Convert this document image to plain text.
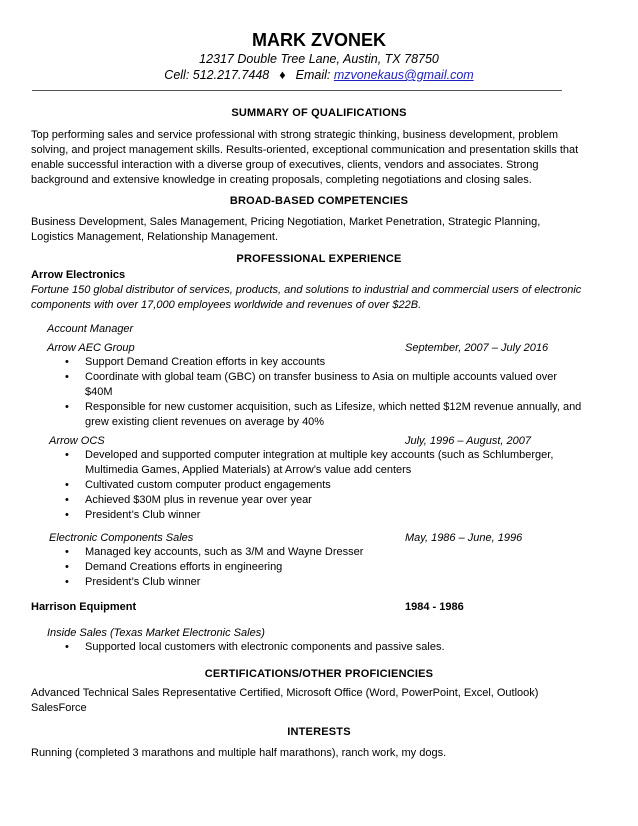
MARK ZVONEK
12317 Double Tree Lane, Austin, TX 78750
Cell: 512.217.7448 ♦ Email: mzvonekaus@gmail.com
SUMMARY OF QUALIFICATIONS
Top performing sales and service professional with strong strategic thinking, business development, problem
solving, and project management skills. Results-oriented, exceptional communication and presentation skills that
enable successful interaction with a diverse group of executives, clients, vendors and associates. Strong
background and extensive knowledge in creating proposals, completing negotiations and closing sales.
BROAD-BASED COMPETENCIES
Business Development, Sales Management, Pricing Negotiation, Market Penetration, Strategic Planning,
Logistics Management, Relationship Management.
PROFESSIONAL EXPERIENCE
Arrow Electronics
Fortune 150 global distributor of services, products, and solutions to industrial and commercial users of electronic
components with over 17,000 employees worldwide and revenues of over $22B.
Account Manager
Arrow AEC Group	September, 2007 – July 2016
• Support Demand Creation efforts in key accounts
• Coordinate with global team (GBC) on transfer business to Asia on multiple accounts valued over
$40M
• Responsible for new customer acquisition, such as Lifesize, which netted $12M revenue annually, and
grew existing client revenues on average by 40%
Arrow OCS	July, 1996 – August, 2007
• Developed and supported computer integration at multiple key accounts (such as Schlumberger,
Multimedia Games, Applied Materials) at Arrow’s value add centers
• Cultivated custom computer product engagements
• Achieved $30M plus in revenue year over year
• President’s Club winner
Electronic Components Sales	May, 1986 – June, 1996
• Managed key accounts, such as 3/M and Wayne Dresser
• Demand Creations efforts in engineering
• President’s Club winner
Harrison Equipment	1984 - 1986
Inside Sales (Texas Market Electronic Sales)
• Supported local customers with electronic components and passive sales.
CERTIFICATIONS/OTHER PROFICIENCIES
Advanced Technical Sales Representative Certified, Microsoft Office (Word, PowerPoint, Excel, Outlook)
SalesForce
INTERESTS
Running (completed 3 marathons and multiple half marathons), ranch work, my dogs.
